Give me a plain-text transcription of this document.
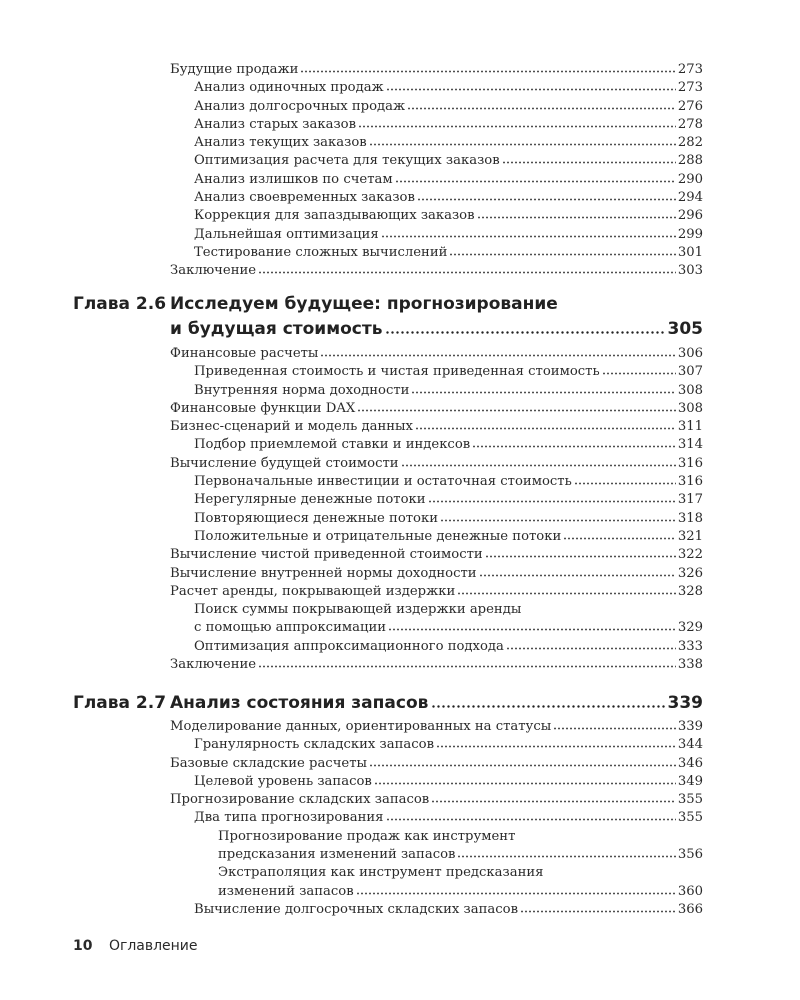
Будущие продажи	273
Анализ одиночных продаж	273
Анализ долгосрочных продаж	276
Анализ старых заказов	278
Анализ текущих заказов	282
Оптимизация расчета для текущих заказов	288
Анализ излишков по счетам	290
Анализ своевременных заказов	294
Коррекция для запаздывающих заказов	296
Дальнейшая оптимизация	299
Тестирование сложных вычислений	301
Заключение	303
Глава 2.6 Исследуем будущее: прогнозирование
и будущая стоимость	305
Финансовые расчеты	306
Приведенная стоимость и чистая приведенная стоимость	307
Внутренняя норма доходности	308
Финансовые функции DAX	308
Бизнес-сценарий и модель данных	311
Подбор приемлемой ставки и индексов	314
Вычисление будущей стоимости	316
Первоначальные инвестиции и остаточная стоимость	316
Нерегулярные денежные потоки	317
Повторяющиеся денежные потоки	318
Положительные и отрицательные денежные потоки	321
Вычисление чистой приведенной стоимости	322
Вычисление внутренней нормы доходности	326
Расчет аренды, покрывающей издержки	328
Поиск суммы покрывающей издержки аренды
с помощью аппроксимации	329
Оптимизация аппроксимационного подхода	333
Заключение	338
Глава 2.7 Анализ состояния запасов	339
Моделирование данных, ориентированных на статусы	339
Гранулярность складских запасов	344
Базовые складские расчеты	346
Целевой уровень запасов	349
Прогнозирование складских запасов	355
Два типа прогнозирования	355
Прогнозирование продаж как инструмент
предсказания изменений запасов	356
Экстраполяция как инструмент предсказания
изменений запасов	360
Вычисление долгосрочных складских запасов	366
10 Оглавление
